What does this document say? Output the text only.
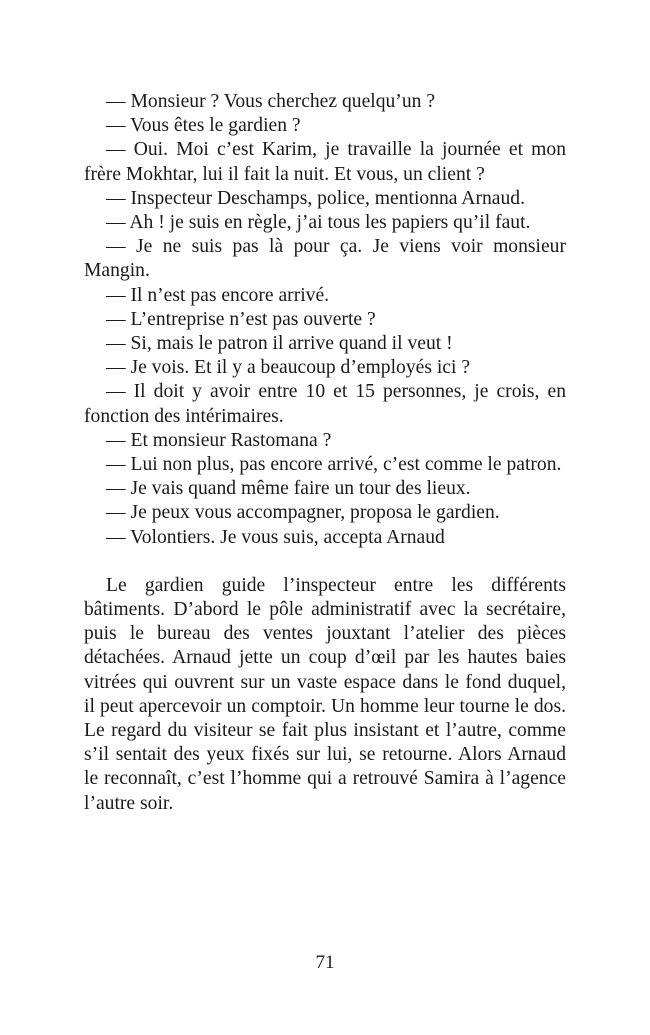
— Monsieur ? Vous cherchez quelqu’un ?

— Vous êtes le gardien ?

— Oui. Moi c’est Karim, je travaille la journée et mon frère Mokhtar, lui il fait la nuit. Et vous, un client ?

— Inspecteur Deschamps, police, mentionna Arnaud.

— Ah ! je suis en règle, j’ai tous les papiers qu’il faut.

— Je ne suis pas là pour ça. Je viens voir monsieur Mangin.

— Il n’est pas encore arrivé.

— L’entreprise n’est pas ouverte ?

— Si, mais le patron il arrive quand il veut !

— Je vois. Et il y a beaucoup d’employés ici ?

— Il doit y avoir entre 10 et 15 personnes, je crois, en fonction des intérimaires.

— Et monsieur Rastomana ?

— Lui non plus, pas encore arrivé, c’est comme le patron.

— Je vais quand même faire un tour des lieux.

— Je peux vous accompagner, proposa le gardien.

— Volontiers. Je vous suis, accepta Arnaud

Le gardien guide l’inspecteur entre les différents bâtiments. D’abord le pôle administratif avec la secrétaire, puis le bureau des ventes jouxtant l’atelier des pièces détachées. Arnaud jette un coup d’œil par les hautes baies vitrées qui ouvrent sur un vaste espace dans le fond duquel, il peut apercevoir un comptoir. Un homme leur tourne le dos. Le regard du visiteur se fait plus insistant et l’autre, comme s’il sentait des yeux fixés sur lui, se retourne. Alors Arnaud le reconnaît, c’est l’homme qui a retrouvé Samira à l’agence l’autre soir.

71
